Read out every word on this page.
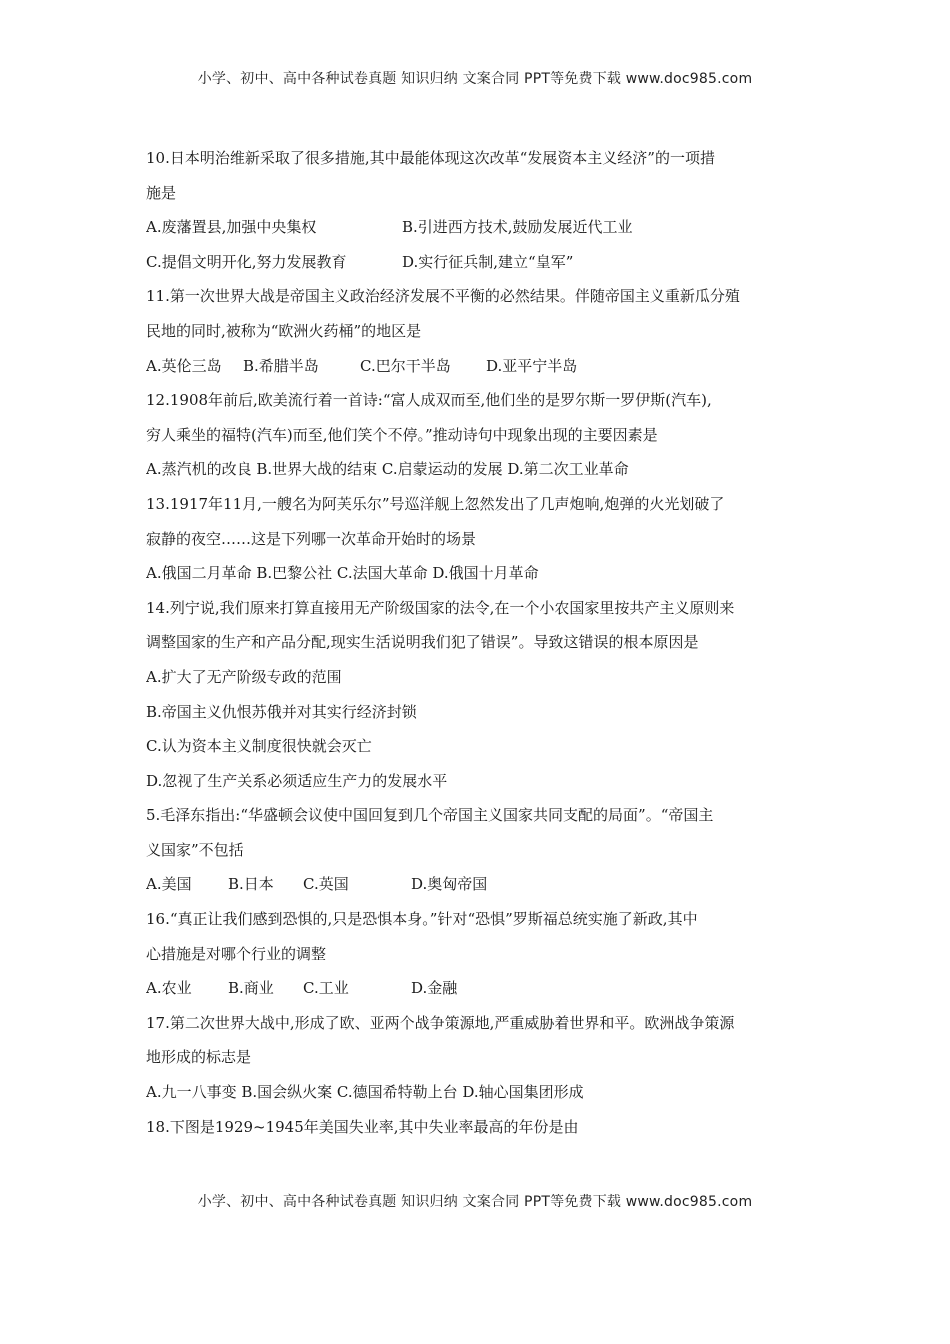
小学、初中、高中各种试卷真题 知识归纳 文案合同 PPT等免费下载 www.doc985.com
10.日本明治维新采取了很多措施,其中最能体现这次改革“发展资本主义经济”的一项措
施是
A.废藩置县,加强中央集权	B.引进西方技术,鼓励发展近代工业
C.提倡文明开化,努力发展教育	D.实行征兵制,建立“皇军”
11.第一次世界大战是帝国主义政治经济发展不平衡的必然结果。伴随帝国主义重新瓜分殖
民地的同时,被称为“欧洲火药桶”的地区是
A.英伦三岛 B.希腊半岛	C.巴尔干半岛 D.亚平宁半岛
12.1908年前后,欧美流行着一首诗:“富人成双而至,他们坐的是罗尔斯一罗伊斯(汽车),
穷人乘坐的福特(汽车)而至,他们笑个不停。”推动诗句中现象出现的主要因素是
A.蒸汽机的改良 B.世界大战的结束 C.启蒙运动的发展 D.第二次工业革命
13.1917年11月,一艘名为阿芙乐尔”号巡洋舰上忽然发出了几声炮响,炮弹的火光划破了
寂静的夜空……这是下列哪一次革命开始时的场景
A.俄国二月革命 B.巴黎公社 C.法国大革命 D.俄国十月革命
14.列宁说,我们原来打算直接用无产阶级国家的法令,在一个小农国家里按共产主义原则来
调整国家的生产和产品分配,现实生活说明我们犯了错误”。导致这错误的根本原因是
A.扩大了无产阶级专政的范围
B.帝国主义仇恨苏俄并对其实行经济封锁
C.认为资本主义制度很快就会灭亡
D.忽视了生产关系必须适应生产力的发展水平
5.毛泽东指出:“华盛顿会议使中国回复到几个帝国主义国家共同支配的局面”。“帝国主
义国家”不包括
A.美国 B.日本 C.英国	D.奥匈帝国
16.“真正让我们感到恐惧的,只是恐惧本身。”针对“恐惧”罗斯福总统实施了新政,其中
心措施是对哪个行业的调整
A.农业 B.商业 C.工业	D.金融
17.第二次世界大战中,形成了欧、亚两个战争策源地,严重威胁着世界和平。欧洲战争策源
地形成的标志是
A.九一八事变 B.国会纵火案 C.德国希特勒上台 D.轴心国集团形成
18.下图是1929~1945年美国失业率,其中失业率最高的年份是由
小学、初中、高中各种试卷真题 知识归纳 文案合同 PPT等免费下载 www.doc985.com
